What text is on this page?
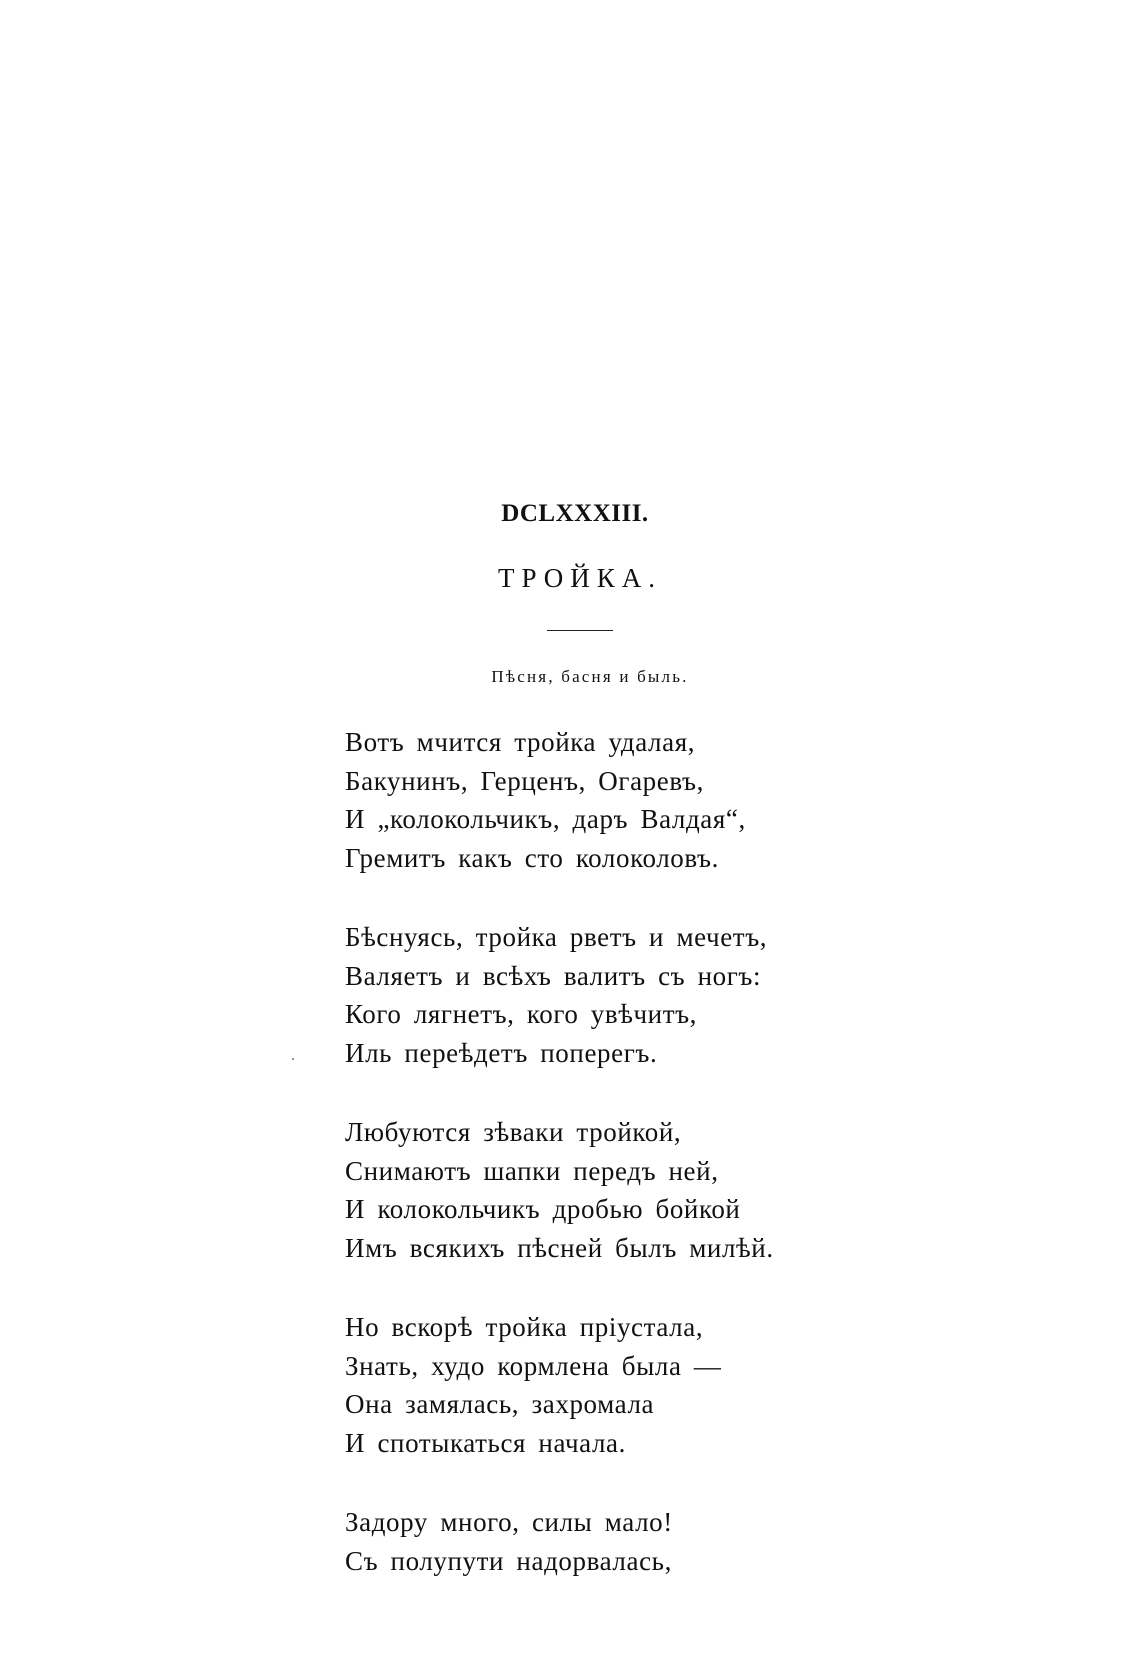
DCLXXXIII.
ТРОЙКА.
Пѣсня, басня и быль.
Вотъ мчится тройка удалая,
Бакунинъ, Герценъ, Огаревъ,
И „колокольчикъ, даръ Валдая“,
Гремитъ какъ сто колоколовъ.
Бѣснуясь, тройка рветъ и мечетъ,
Валяетъ и всѣхъ валитъ съ ногъ:
Кого лягнетъ, кого увѣчитъ,
Иль переѣдетъ поперегъ.
Любуются зѣваки тройкой,
Снимаютъ шапки передъ ней,
И колокольчикъ дробью бойкой
Имъ всякихъ пѣсней былъ милѣй.
Но вскорѣ тройка пріустала,
Знать, худо кормлена была —
Она замялась, захромала
И спотыкаться начала.
Задору много, силы мало!
Съ полупути надорвалась,
